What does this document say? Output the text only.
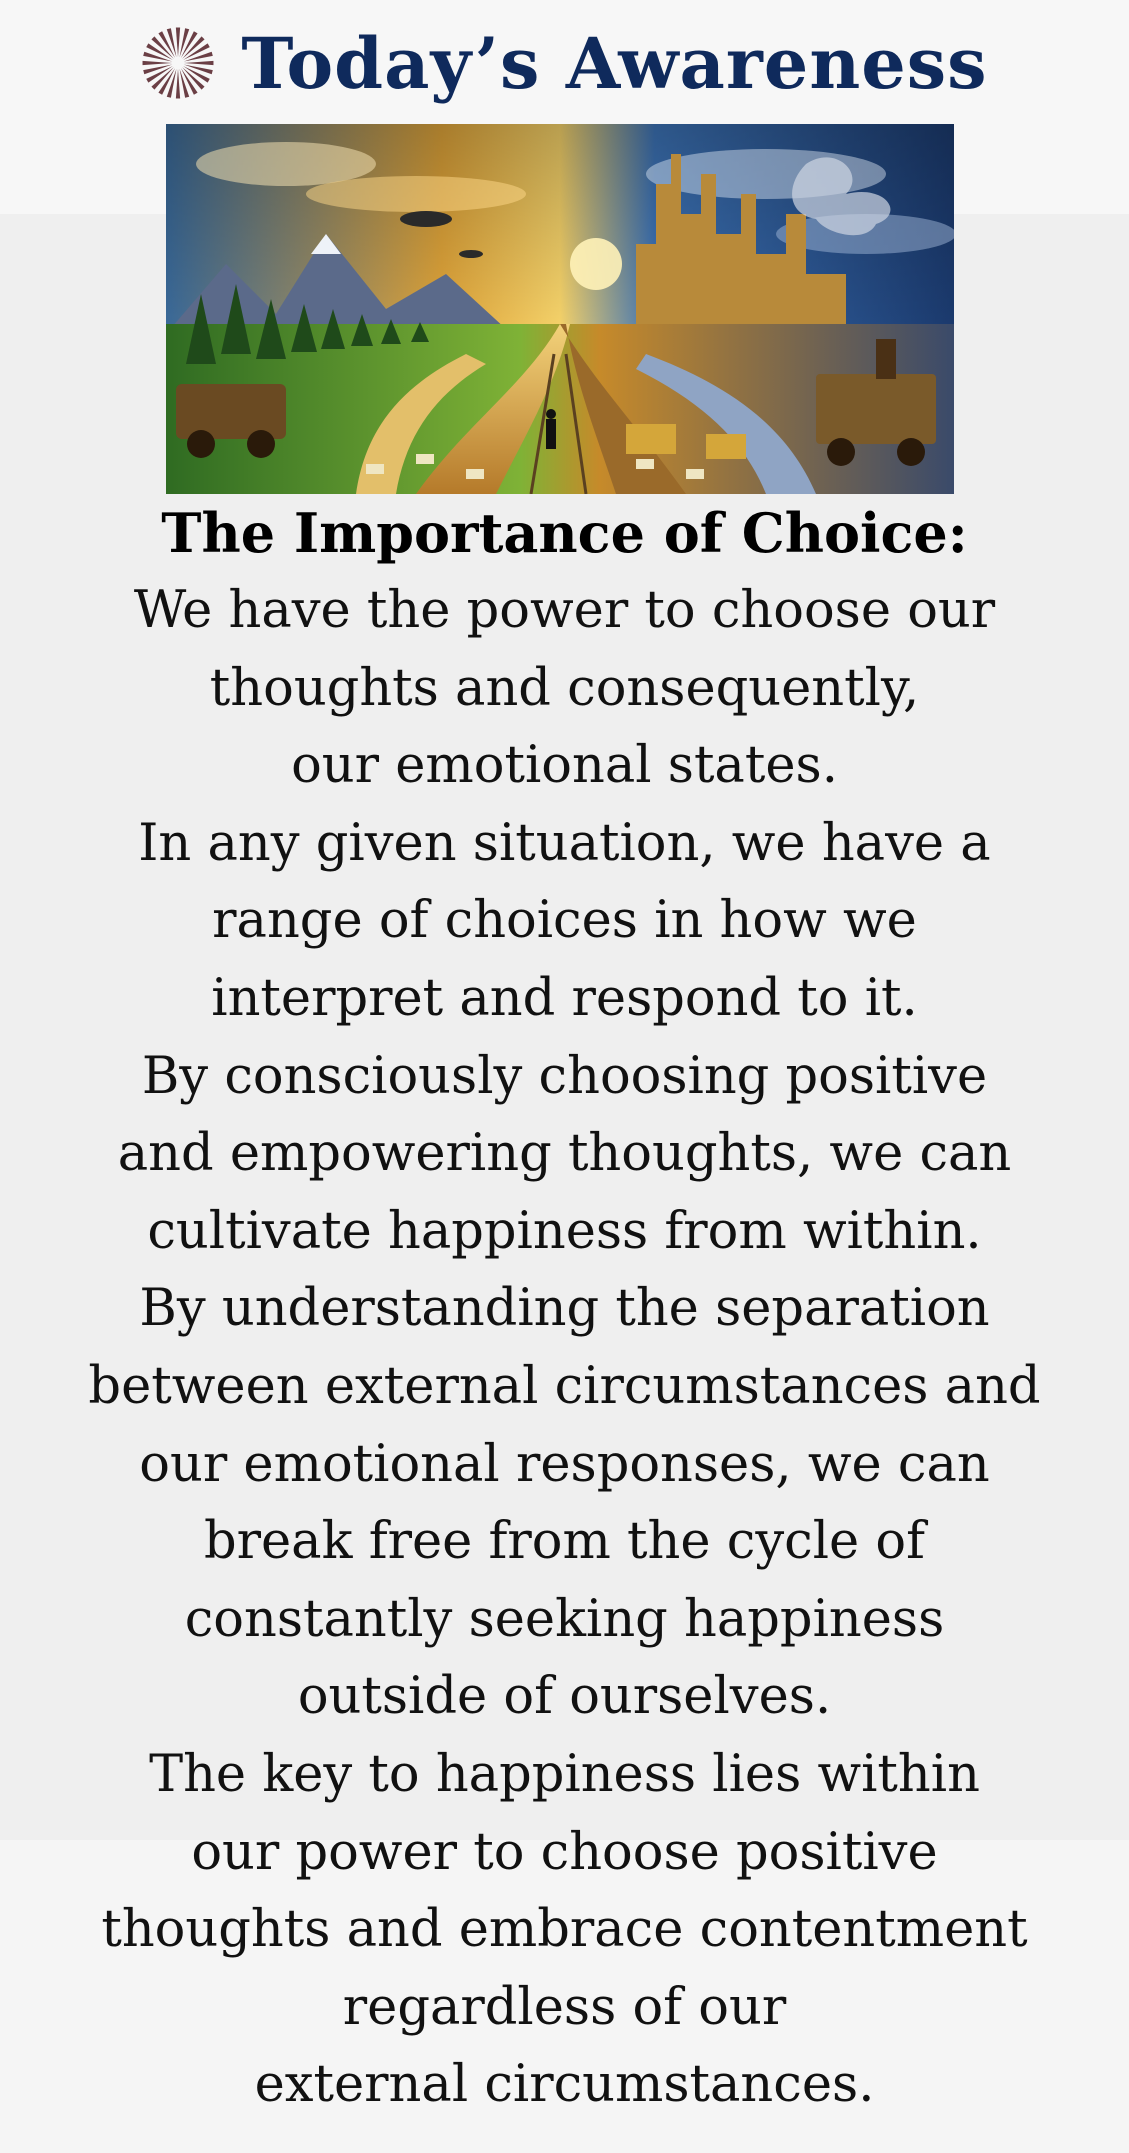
Today’s Awareness
The Importance of Choice:
We have the power to choose our
thoughts and consequently,
our emotional states.
In any given situation, we have a
range of choices in how we
interpret and respond to it.
By consciously choosing positive
and empowering thoughts, we can
cultivate happiness from within.
By understanding the separation
between external circumstances and
our emotional responses, we can
break free from the cycle of
constantly seeking happiness
outside of ourselves.
The key to happiness lies within
our power to choose positive
thoughts and embrace contentment
regardless of our
external circumstances.
